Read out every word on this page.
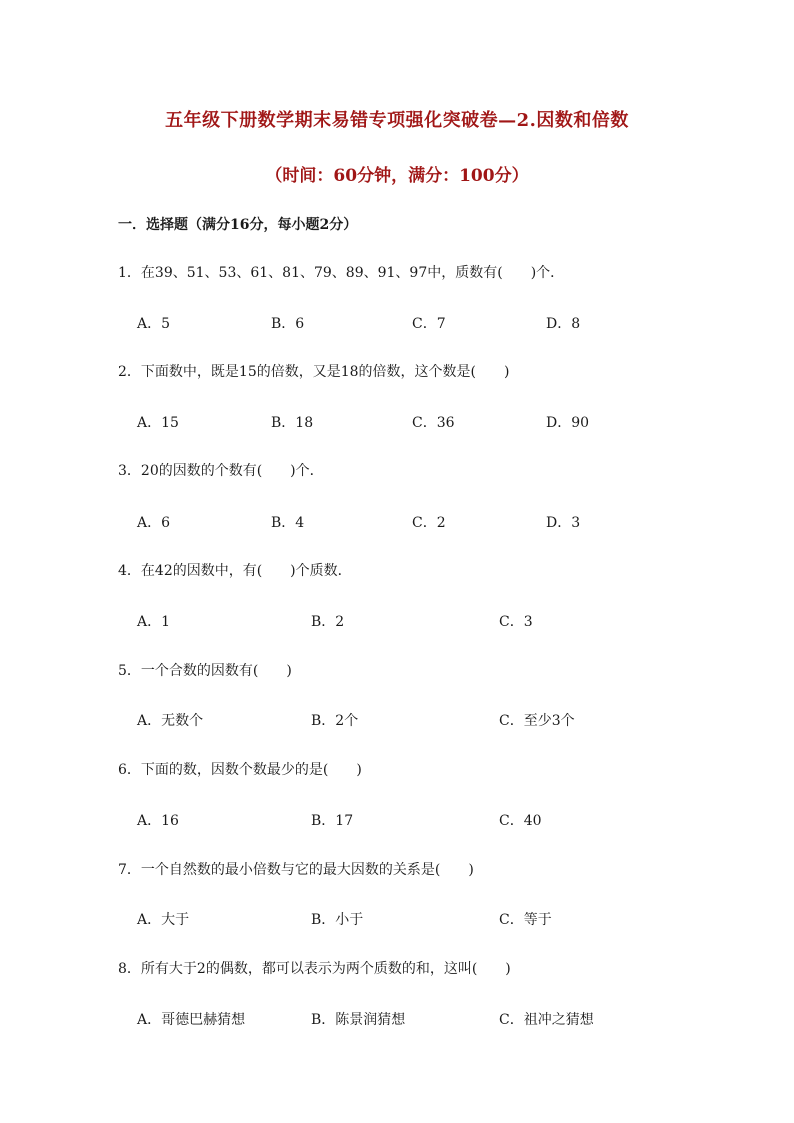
五年级下册数学期末易错专项强化突破卷—2.因数和倍数
（时间：60分钟，满分：100分）
一．选择题（满分16分，每小题2分）
1．在39、51、53、61、81、79、89、91、97中，质数有(　　)个．
A．5	B．6	C．7	D．8
2．下面数中，既是15的倍数，又是18的倍数，这个数是(　　)
A．15	B．18	C．36	D．90
3．20的因数的个数有(　　)个．
A．6	B．4	C．2	D．3
4．在42的因数中，有(　　)个质数．
A．1	B．2	C．3
5．一个合数的因数有(　　)
A．无数个	B．2个	C．至少3个
6．下面的数，因数个数最少的是(　　)
A．16	B．17	C．40
7．一个自然数的最小倍数与它的最大因数的关系是(　　)
A．大于	B．小于	C．等于
8．所有大于2的偶数，都可以表示为两个质数的和，这叫(　　)
A．哥德巴赫猜想	B．陈景润猜想	C．祖冲之猜想
